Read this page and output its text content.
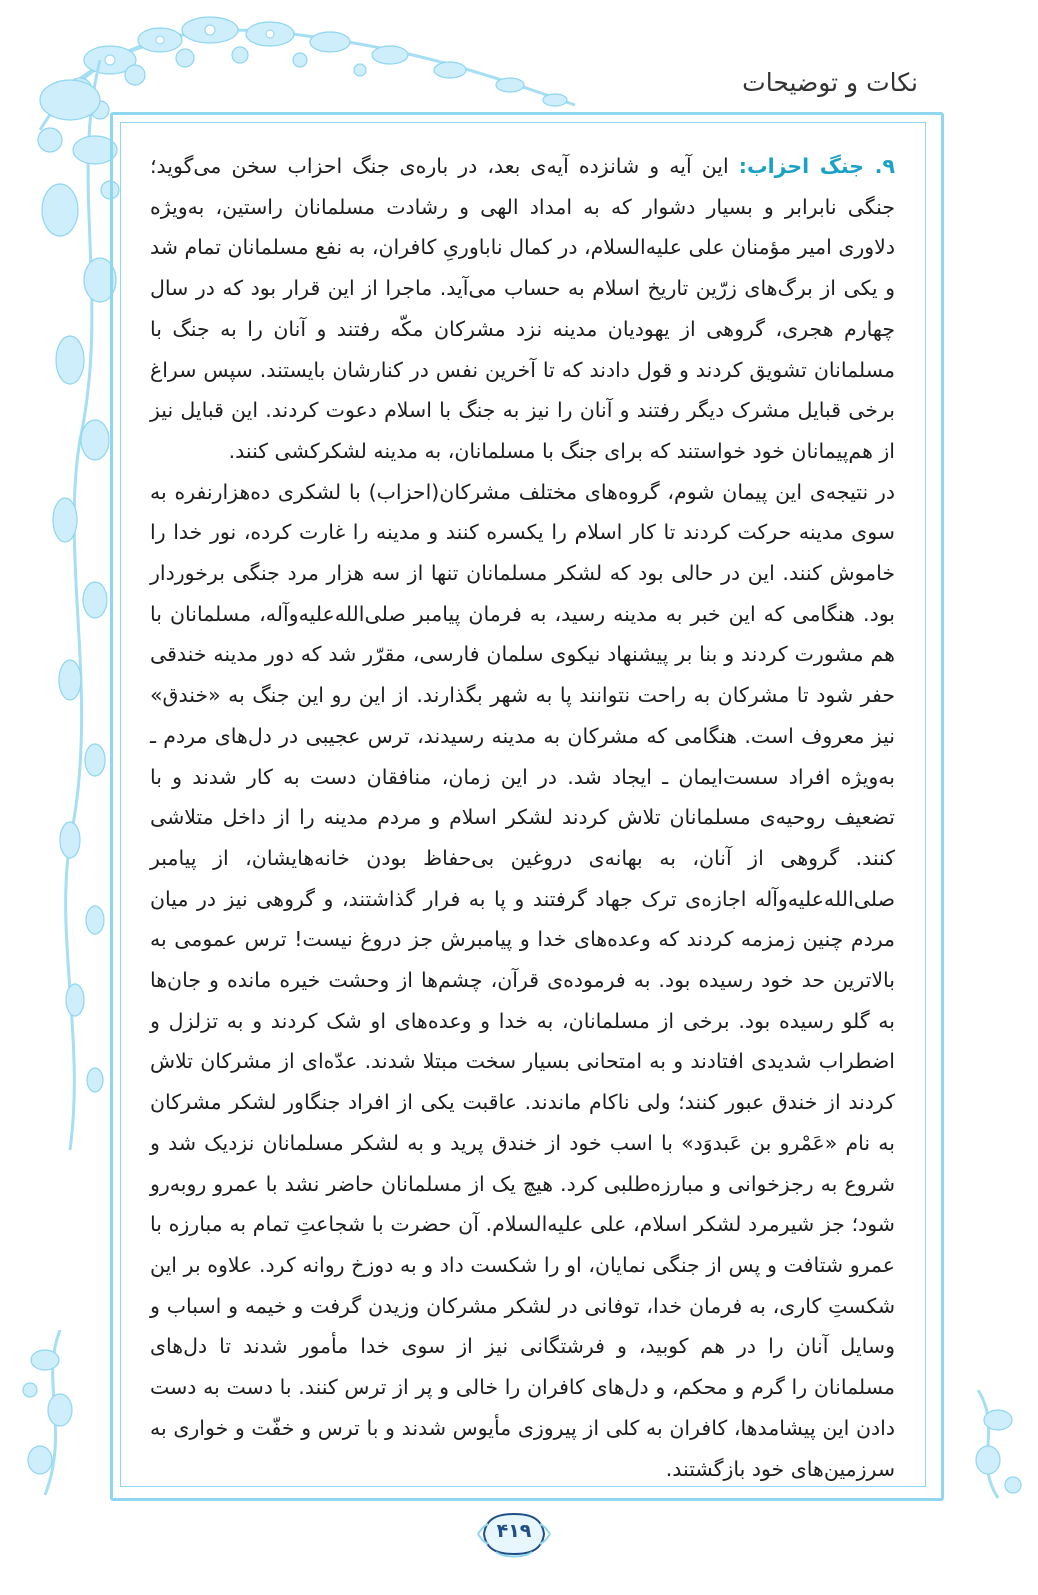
نکات و توضیحات

۹. جنگ احزاب: این آیه و شانزده آیه‌ی بعد، در باره‌ی جنگ احزاب سخن می‌گوید؛ جنگی نابرابر و بسیار دشوار که به امداد الهی و رشادت مسلمانان راستین، به‌ویژه دلاوری امیر مؤمنان علی علیه‌السلام، در کمال ناباوریِ کافران، به نفع مسلمانان تمام شد و یکی از برگ‌های زرّین تاریخ اسلام به حساب می‌آید. ماجرا از این قرار بود که در سال چهارم هجری، گروهی از یهودیان مدینه نزد مشرکان مکّه رفتند و آنان را به جنگ با مسلمانان تشویق کردند و قول دادند که تا آخرین نفس در کنارشان بایستند. سپس سراغ برخی قبایل مشرک دیگر رفتند و آنان را نیز به جنگ با اسلام دعوت کردند. این قبایل نیز از هم‌پیمانان خود خواستند که برای جنگ با مسلمانان، به مدینه لشکرکشی کنند.

در نتیجه‌ی این پیمان شوم، گروه‌های مختلف مشرکان(احزاب) با لشکری ده‌هزارنفره به سوی مدینه حرکت کردند تا کار اسلام را یکسره کنند و مدینه را غارت کرده، نور خدا را خاموش کنند. این در حالی بود که لشکر مسلمانان تنها از سه هزار مرد جنگی برخوردار بود. هنگامی که این خبر به مدینه رسید، به فرمان پیامبر صلی‌الله‌علیه‌وآله، مسلمانان با هم مشورت کردند و بنا بر پیشنهاد نیکوی سلمان فارسی، مقرّر شد که دور مدینه خندقی حفر شود تا مشرکان به راحت نتوانند پا به شهر بگذارند. از این رو این جنگ به «خندق» نیز معروف است. هنگامی که مشرکان به مدینه رسیدند، ترس عجیبی در دل‌های مردم ـ به‌ویژه افراد سست‌ایمان ـ ایجاد شد. در این زمان، منافقان دست به کار شدند و با تضعیف روحیه‌ی مسلمانان تلاش کردند لشکر اسلام و مردم مدینه را از داخل متلاشی کنند. گروهی از آنان، به بهانه‌ی دروغین بی‌حفاظ بودن خانه‌هایشان، از پیامبر صلی‌الله‌علیه‌وآله اجازه‌ی ترک جهاد گرفتند و پا به فرار گذاشتند، و گروهی نیز در میان مردم چنین زمزمه کردند که وعده‌های خدا و پیامبرش جز دروغ نیست! ترس عمومی به بالاترین حد خود رسیده بود. به فرموده‌ی قرآن، چشم‌ها از وحشت خیره مانده و جان‌ها به گلو رسیده بود. برخی از مسلمانان، به خدا و وعده‌های او شک کردند و به تزلزل و اضطراب شدیدی افتادند و به امتحانی بسیار سخت مبتلا شدند. عدّه‌ای از مشرکان تلاش کردند از خندق عبور کنند؛ ولی ناکام ماندند. عاقبت یکی از افراد جنگاور لشکر مشرکان به نام «عَمْرو بن عَبدوَد» با اسب خود از خندق پرید و به لشکر مسلمانان نزدیک شد و شروع به رجزخوانی و مبارزه‌طلبی کرد. هیچ یک از مسلمانان حاضر نشد با عمرو روبه‌رو شود؛ جز شیرمرد لشکر اسلام، علی علیه‌السلام. آن حضرت با شجاعتِ تمام به مبارزه با عمرو شتافت و پس از جنگی نمایان، او را شکست داد و به دوزخ روانه کرد. علاوه بر این شکستِ کاری، به فرمان خدا، توفانی در لشکر مشرکان وزیدن گرفت و خیمه و اسباب و وسایل آنان را در هم کوبید، و فرشتگانی نیز از سوی خدا مأمور شدند تا دل‌های مسلمانان را گرم و محکم، و دل‌های کافران را خالی و پر از ترس کنند. با دست به دست دادن این پیشامدها، کافران به کلی از پیروزی مأیوس شدند و با ترس و خفّت و خواری به سرزمین‌های خود بازگشتند.

۴۱۹
